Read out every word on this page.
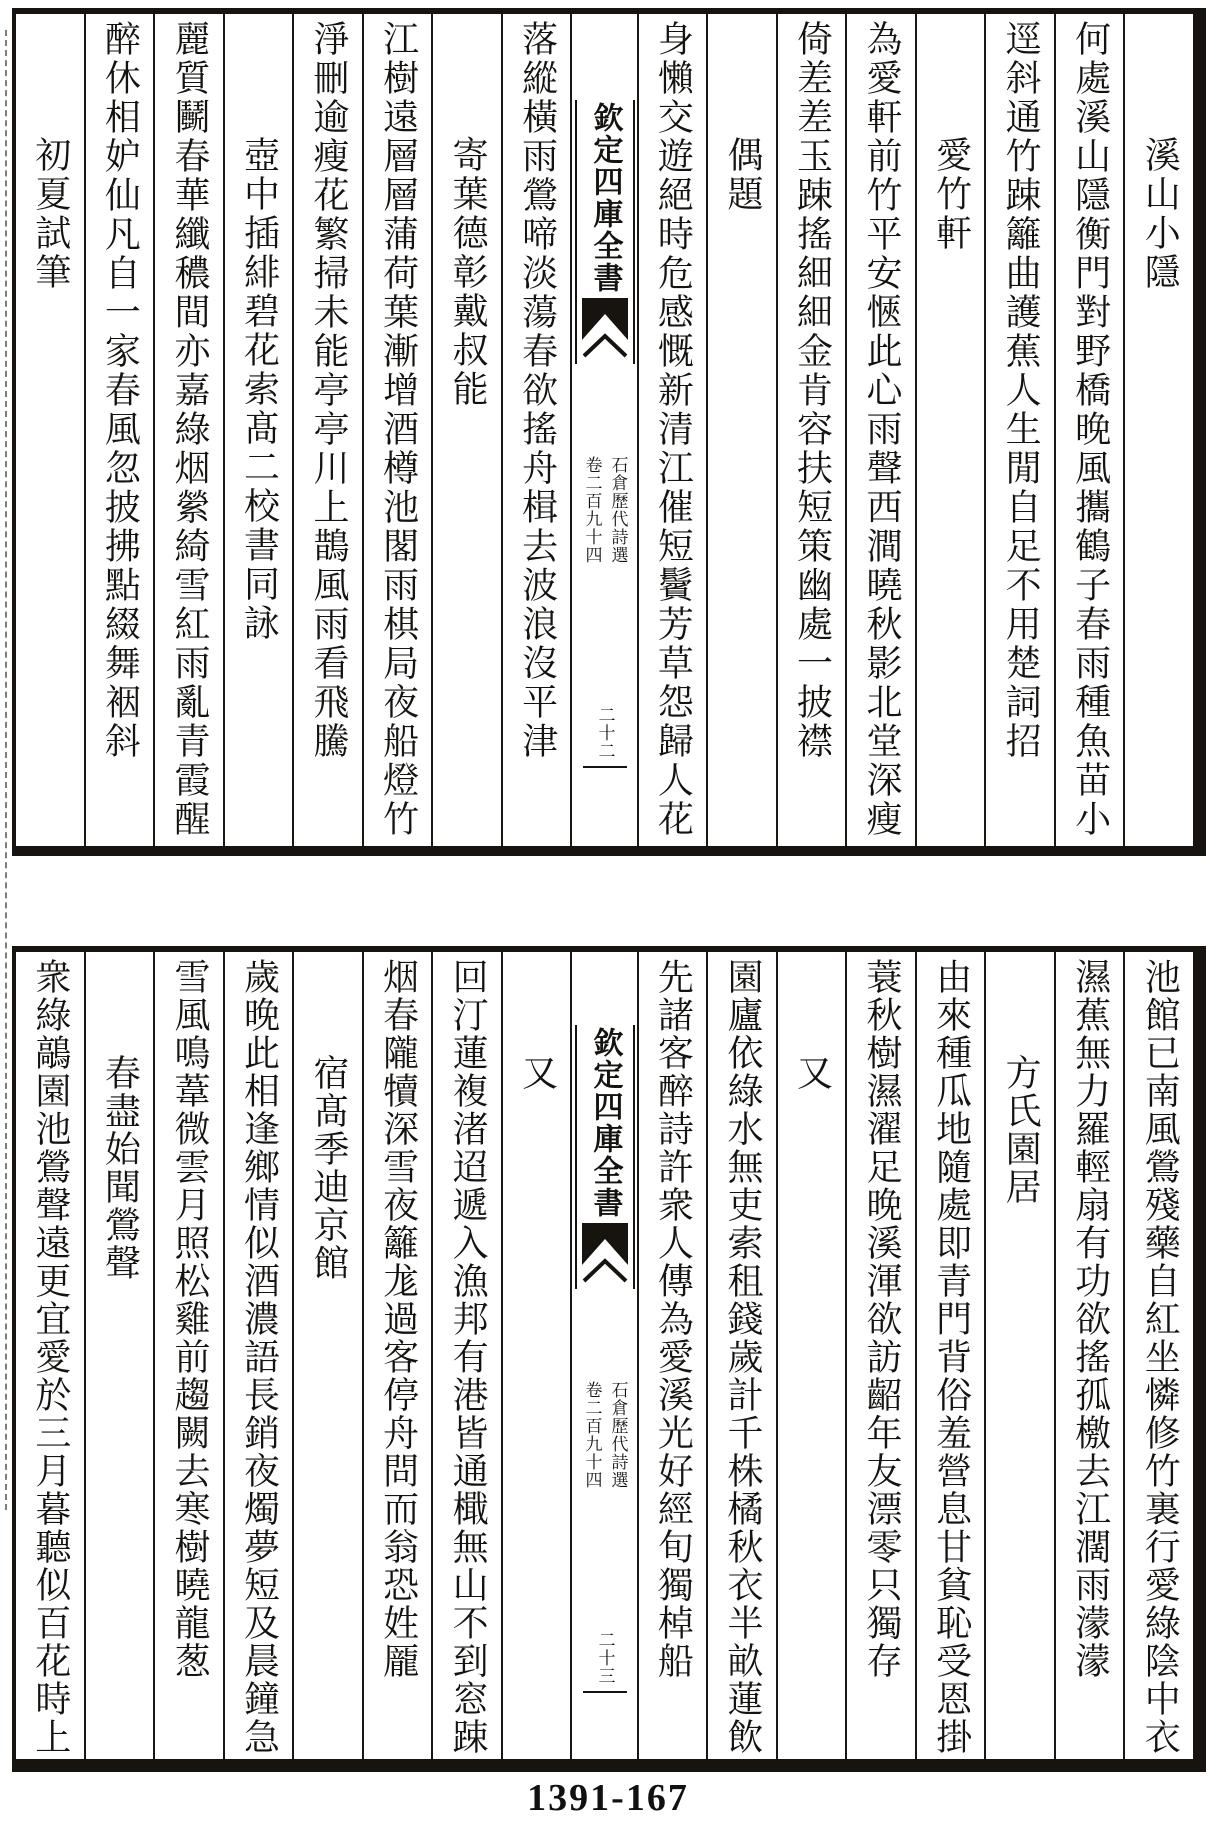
溪山小隱
何處溪山隱衡門對野橋晚風攜鶴子春雨種魚苗小
逕斜通竹踈籬曲護蕉人生閒自足不用楚詞招
愛竹軒
為愛軒前竹平安愜此心雨聲西澗曉秋影北堂深瘦
倚差差玉踈搖細細金肯容扶短策幽處一披襟
偶題
身懶交遊絕時危感慨新清江催短鬢芳草怨歸人花
欽定四庫全書
石倉歷代詩選
卷二百九十四
二十二
落縱橫雨鶯啼淡蕩春欲搖舟楫去波浪沒平津
寄葉德彰戴叔能
江樹遠層層蒲荷葉漸增酒樽池閣雨棋局夜船燈竹
淨刪逾瘦花繁掃未能亭亭川上鵲風雨看飛騰
壺中插緋碧花索髙二校書同詠
麗質鬭春華纖穠間亦嘉綠烟縈綺雪紅雨亂青霞醒
醉休相妒仙凡自一家春風忽披拂點綴舞裀斜
初夏試筆
池館已南風鶯殘藥自紅坐憐修竹裏行愛綠陰中衣
濕蕉無力羅輕扇有功欲搖孤檄去江濶雨濛濛
方氏園居
由來種瓜地隨處即青門背俗羞營息甘貧恥受恩掛
蓑秋樹濕濯足晚溪渾欲訪齠年友漂零只獨存
又
園廬依綠水無吏索租錢歲計千株橘秋衣半畝蓮飲
先諸客醉詩許衆人傳為愛溪光好經旬獨棹船
欽定四庫全書
石倉歷代詩選
卷二百九十四
二十三
又
回汀蓮複渚迢遞入漁邦有港皆通檝無山不到窓踈
烟春隴犢深雪夜籬尨過客停舟問而翁恐姓龎
宿髙季迪京館
歲晚此相逢鄉情似酒濃語長銷夜燭夢短及晨鐘急
雪風鳴葦微雲月照松雞前趨闕去寒樹曉龍葱
春盡始聞鶯聲
衆綠鶮園池鶯聲遠更宜愛於三月暮聽似百花時上
1391-167
